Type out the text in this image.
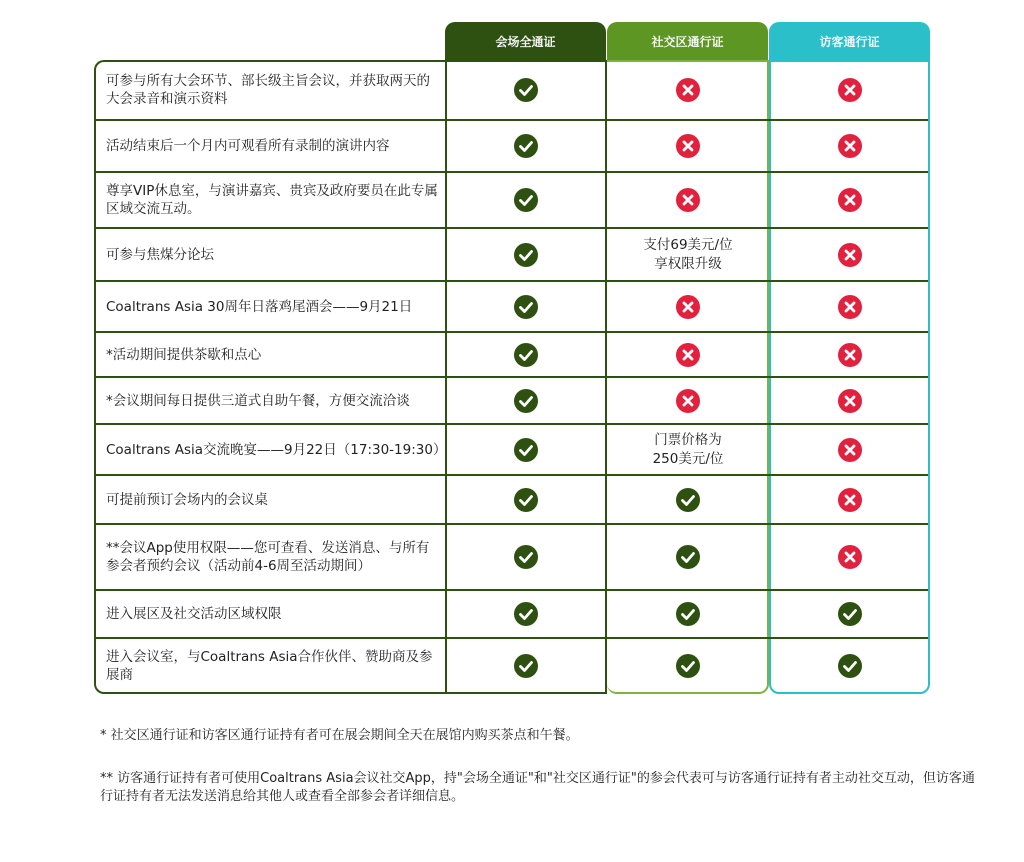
会场全通证	社交区通行证	访客通行证
可参与所有大会环节、部长级主旨会议，并获取两天的大会录音和演示资料
活动结束后一个月内可观看所有录制的演讲内容
尊享VIP休息室，与演讲嘉宾、贵宾及政府要员在此专属区域交流互动。
可参与焦煤分论坛
支付69美元/位
享权限升级
Coaltrans Asia 30周年日落鸡尾酒会——9月21日
*活动期间提供茶歇和点心
*会议期间每日提供三道式自助午餐，方便交流洽谈
Coaltrans Asia交流晚宴——9月22日（17:30-19:30）
门票价格为
250美元/位
可提前预订会场内的会议桌
**会议App使用权限——您可查看、发送消息、与所有参会者预约会议（活动前4-6周至活动期间）
进入展区及社交活动区域权限
进入会议室，与Coaltrans Asia合作伙伴、赞助商及参展商
* 社交区通行证和访客区通行证持有者可在展会期间全天在展馆内购买茶点和午餐。
** 访客通行证持有者可使用Coaltrans Asia会议社交App，持"会场全通证"和"社交区通行证"的参会代表可与访客通行证持有者主动社交互动，但访客通行证持有者无法发送消息给其他人或查看全部参会者详细信息。
